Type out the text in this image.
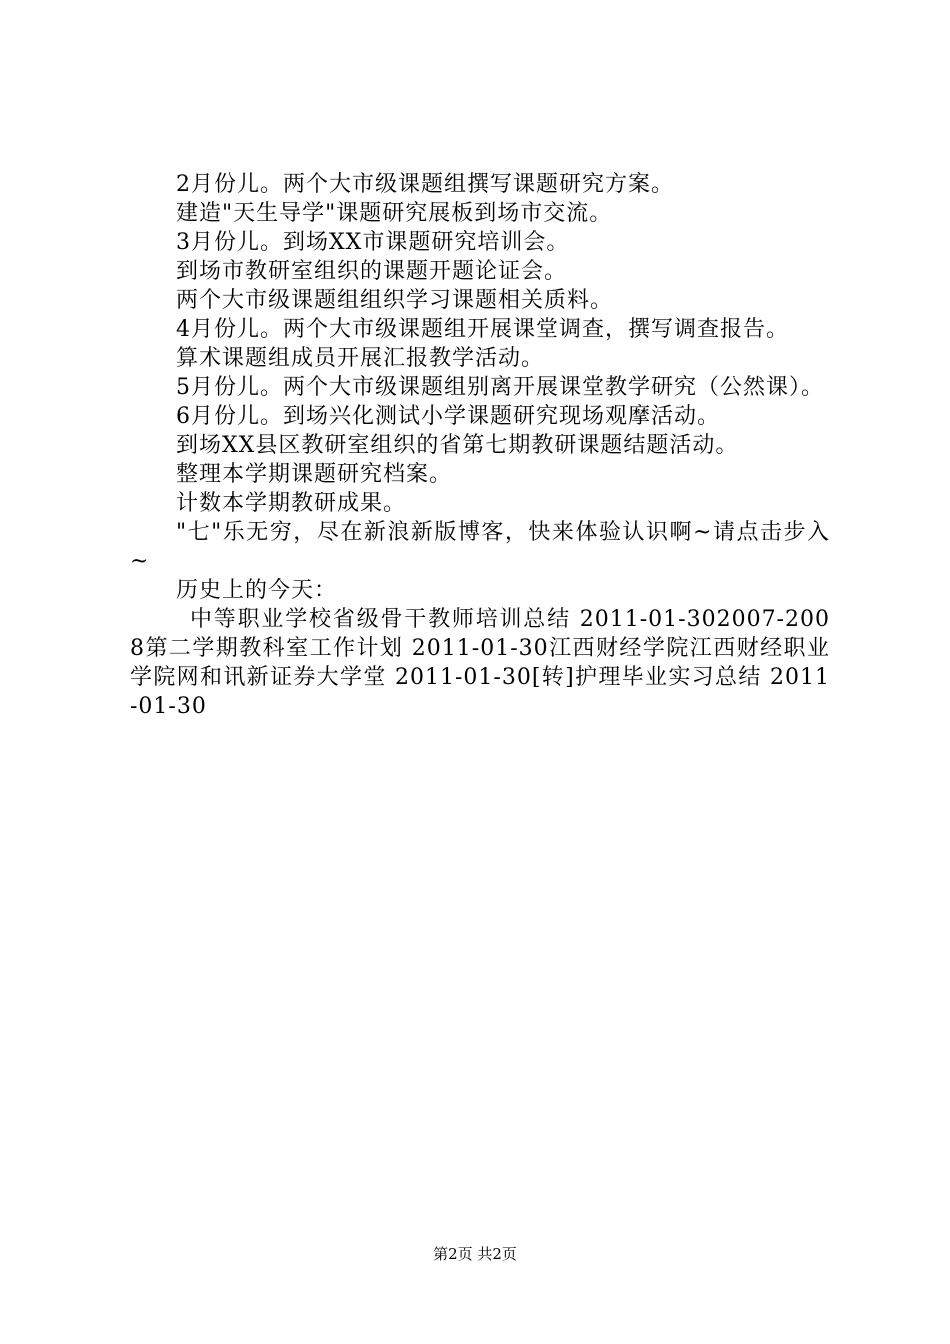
2月份儿。两个大市级课题组撰写课题研究方案。

建造"天生导学"课题研究展板到场市交流。

3月份儿。到场XX市课题研究培训会。

到场市教研室组织的课题开题论证会。

两个大市级课题组组织学习课题相关质料。

4月份儿。两个大市级课题组开展课堂调查，撰写调查报告。

算术课题组成员开展汇报教学活动。

5月份儿。两个大市级课题组别离开展课堂教学研究（公然课）。

6月份儿。到场兴化测试小学课题研究现场观摩活动。

到场XX县区教研室组织的省第七期教研课题结题活动。

整理本学期课题研究档案。

计数本学期教研成果。

"七"乐无穷，尽在新浪新版博客，快来体验认识啊~请点击步入~

历史上的今天：

中等职业学校省级骨干教师培训总结 2011-01-302007-2008第二学期教科室工作计划 2011-01-30江西财经学院江西财经职业学院网和讯新证券大学堂 2011-01-30[转]护理毕业实习总结 2011-01-30

第2页 共2页
